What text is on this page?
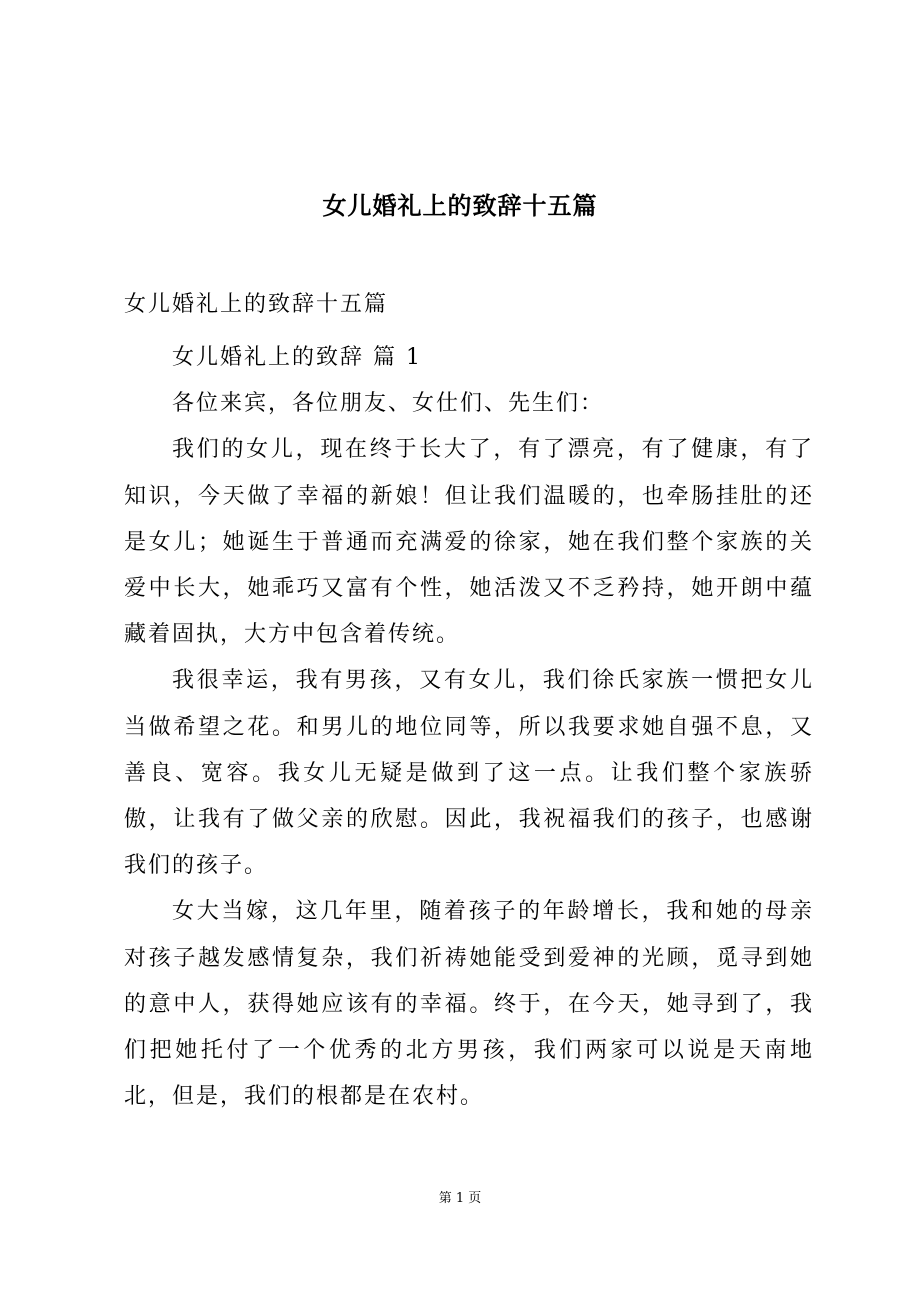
女儿婚礼上的致辞十五篇
女儿婚礼上的致辞十五篇

女儿婚礼上的致辞 篇 1

各位来宾，各位朋友、女仕们、先生们：

我们的女儿，现在终于长大了，有了漂亮，有了健康，有了知识，今天做了幸福的新娘！但让我们温暖的，也牵肠挂肚的还是女儿；她诞生于普通而充满爱的徐家，她在我们整个家族的关爱中长大，她乖巧又富有个性，她活泼又不乏矜持，她开朗中蕴藏着固执，大方中包含着传统。

我很幸运，我有男孩，又有女儿，我们徐氏家族一惯把女儿当做希望之花。和男儿的地位同等，所以我要求她自强不息，又善良、宽容。我女儿无疑是做到了这一点。让我们整个家族骄傲，让我有了做父亲的欣慰。因此，我祝福我们的孩子，也感谢我们的孩子。

女大当嫁，这几年里，随着孩子的年龄增长，我和她的母亲对孩子越发感情复杂，我们祈祷她能受到爱神的光顾，觅寻到她的意中人，获得她应该有的幸福。终于，在今天，她寻到了，我们把她托付了一个优秀的北方男孩，我们两家可以说是天南地北，但是，我们的根都是在农村。

第 1 页
